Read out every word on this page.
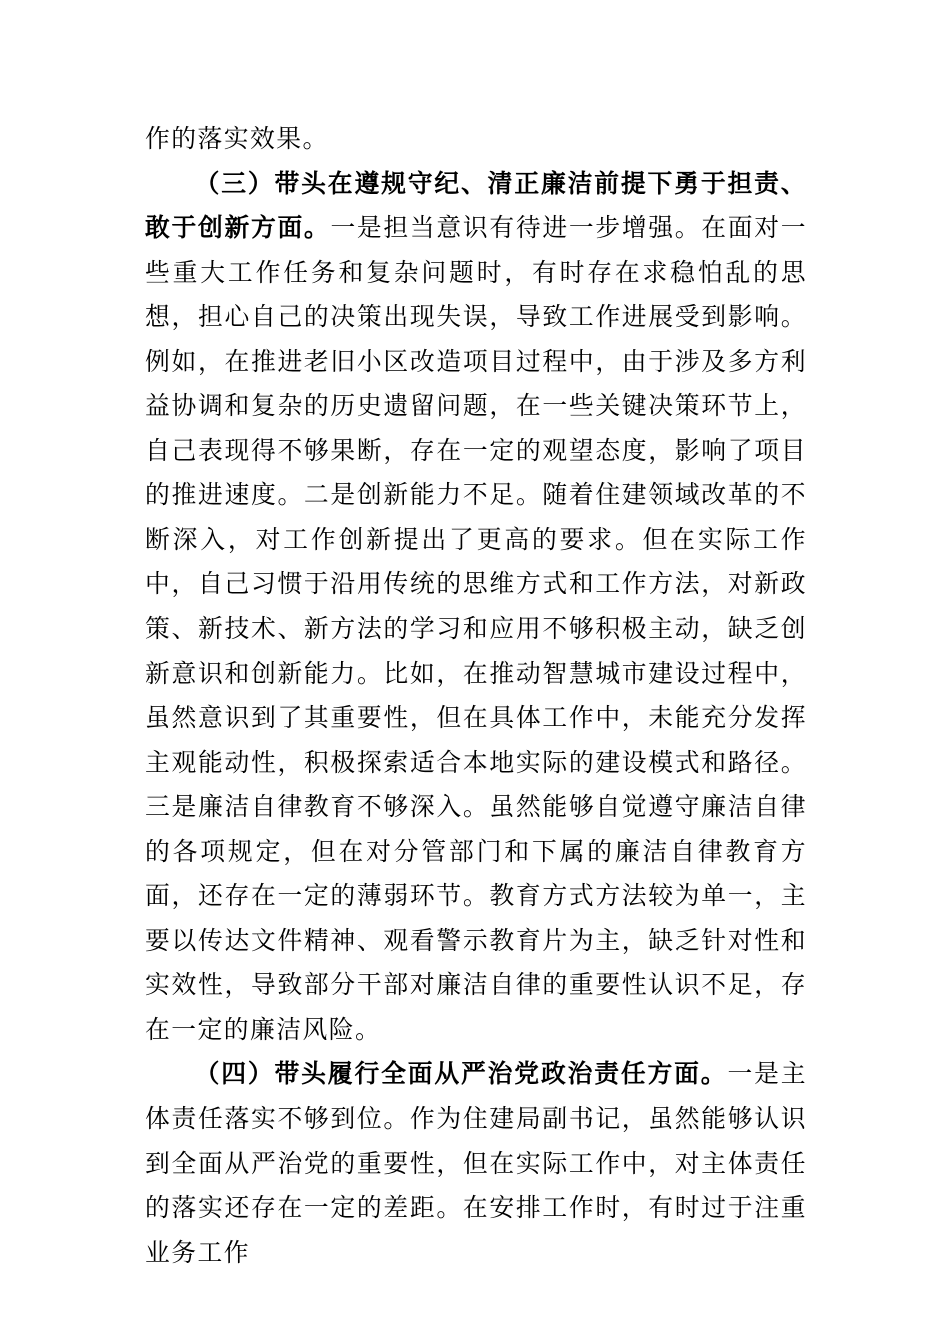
作的落实效果。

（三）带头在遵规守纪、清正廉洁前提下勇于担责、敢于创新方面。一是担当意识有待进一步增强。在面对一些重大工作任务和复杂问题时，有时存在求稳怕乱的思想，担心自己的决策出现失误，导致工作进展受到影响。例如，在推进老旧小区改造项目过程中，由于涉及多方利益协调和复杂的历史遗留问题，在一些关键决策环节上，自己表现得不够果断，存在一定的观望态度，影响了项目的推进速度。二是创新能力不足。随着住建领域改革的不断深入，对工作创新提出了更高的要求。但在实际工作中，自己习惯于沿用传统的思维方式和工作方法，对新政策、新技术、新方法的学习和应用不够积极主动，缺乏创新意识和创新能力。比如，在推动智慧城市建设过程中，虽然意识到了其重要性，但在具体工作中，未能充分发挥主观能动性，积极探索适合本地实际的建设模式和路径。三是廉洁自律教育不够深入。虽然能够自觉遵守廉洁自律的各项规定，但在对分管部门和下属的廉洁自律教育方面，还存在一定的薄弱环节。教育方式方法较为单一，主要以传达文件精神、观看警示教育片为主，缺乏针对性和实效性，导致部分干部对廉洁自律的重要性认识不足，存在一定的廉洁风险。

（四）带头履行全面从严治党政治责任方面。一是主体责任落实不够到位。作为住建局副书记，虽然能够认识到全面从严治党的重要性，但在实际工作中，对主体责任的落实还存在一定的差距。在安排工作时，有时过于注重业务工作
